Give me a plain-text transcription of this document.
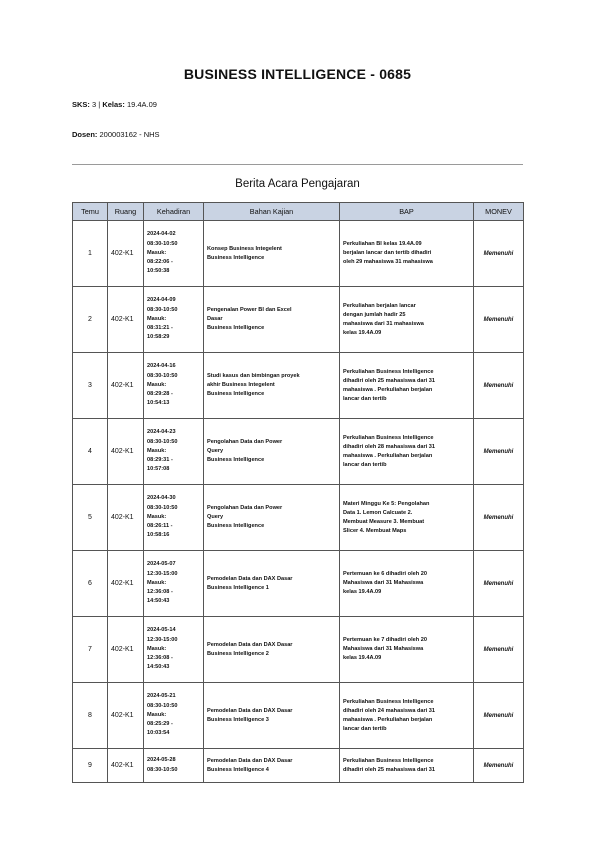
BUSINESS INTELLIGENCE - 0685
SKS: 3 | Kelas: 19.4A.09
Dosen: 200003162 - NHS
Berita Acara Pengajaran
Temu	Ruang	Kehadiran	Bahan Kajian	BAP	MONEV
1	402-K1	2024-04-02
08:30-10:50
Masuk:
08:22:06 -
10:50:38	Konsep Business Integelent
Business Intelligence	Perkuliahan BI kelas 19.4A.09
berjalan lancar dan tertib dihadiri
oleh 29 mahasiswa 31 mahasiswa	Memenuhi
2	402-K1	2024-04-09
08:30-10:50
Masuk:
08:31:21 -
10:58:29	Pengenalan Power BI dan Excel
Dasar
Business Intelligence	Perkuliahan berjalan lancar
dengan jumlah hadir 25
mahasiswa dari 31 mahasiswa
kelas 19.4A.09	Memenuhi
3	402-K1	2024-04-16
08:30-10:50
Masuk:
08:29:28 -
10:54:13	Studi kasus dan bimbingan proyek
akhir Business Integelent
Business Intelligence	Perkuliahan Business Intelligence
dihadiri oleh 25 mahasiswa dari 31
mahasiswa . Perkuliahan berjalan
lancar dan tertib	Memenuhi
4	402-K1	2024-04-23
08:30-10:50
Masuk:
08:29:31 -
10:57:08	Pengolahan Data dan Power
Query
Business Intelligence	Perkuliahan Business Intelligence
dihadiri oleh 28 mahasiswa dari 31
mahasiswa . Perkuliahan berjalan
lancar dan tertib	Memenuhi
5	402-K1	2024-04-30
08:30-10:50
Masuk:
08:26:11 -
10:58:16	Pengolahan Data dan Power
Query
Business Intelligence	Materi Minggu Ke 5: Pengolahan
Data 1. Lemon Calcuate 2.
Membuat Measure 3. Membuat
Slicer 4. Membuat Maps	Memenuhi
6	402-K1	2024-05-07
12:30-15:00
Masuk:
12:36:08 -
14:50:43	Pemodelan Data dan DAX Dasar
Business Intelligence 1	Pertemuan ke 6 dihadiri oleh 20
Mahasiswa dari 31 Mahasiswa
kelas 19.4A.09	Memenuhi
7	402-K1	2024-05-14
12:30-15:00
Masuk:
12:36:08 -
14:50:43	Pemodelan Data dan DAX Dasar
Business Intelligence 2	Pertemuan ke 7 dihadiri oleh 20
Mahasiswa dari 31 Mahasiswa
kelas 19.4A.09	Memenuhi
8	402-K1	2024-05-21
08:30-10:50
Masuk:
08:25:29 -
10:03:54	Pemodelan Data dan DAX Dasar
Business Intelligence 3	Perkuliahan Business Intelligence
dihadiri oleh 24 mahasiswa dari 31
mahasiswa . Perkuliahan berjalan
lancar dan tertib	Memenuhi
9	402-K1	2024-05-28
08:30-10:50	Pemodelan Data dan DAX Dasar
Business Intelligence 4	Perkuliahan Business Intelligence
dihadiri oleh 25 mahasiswa dari 31	Memenuhi
